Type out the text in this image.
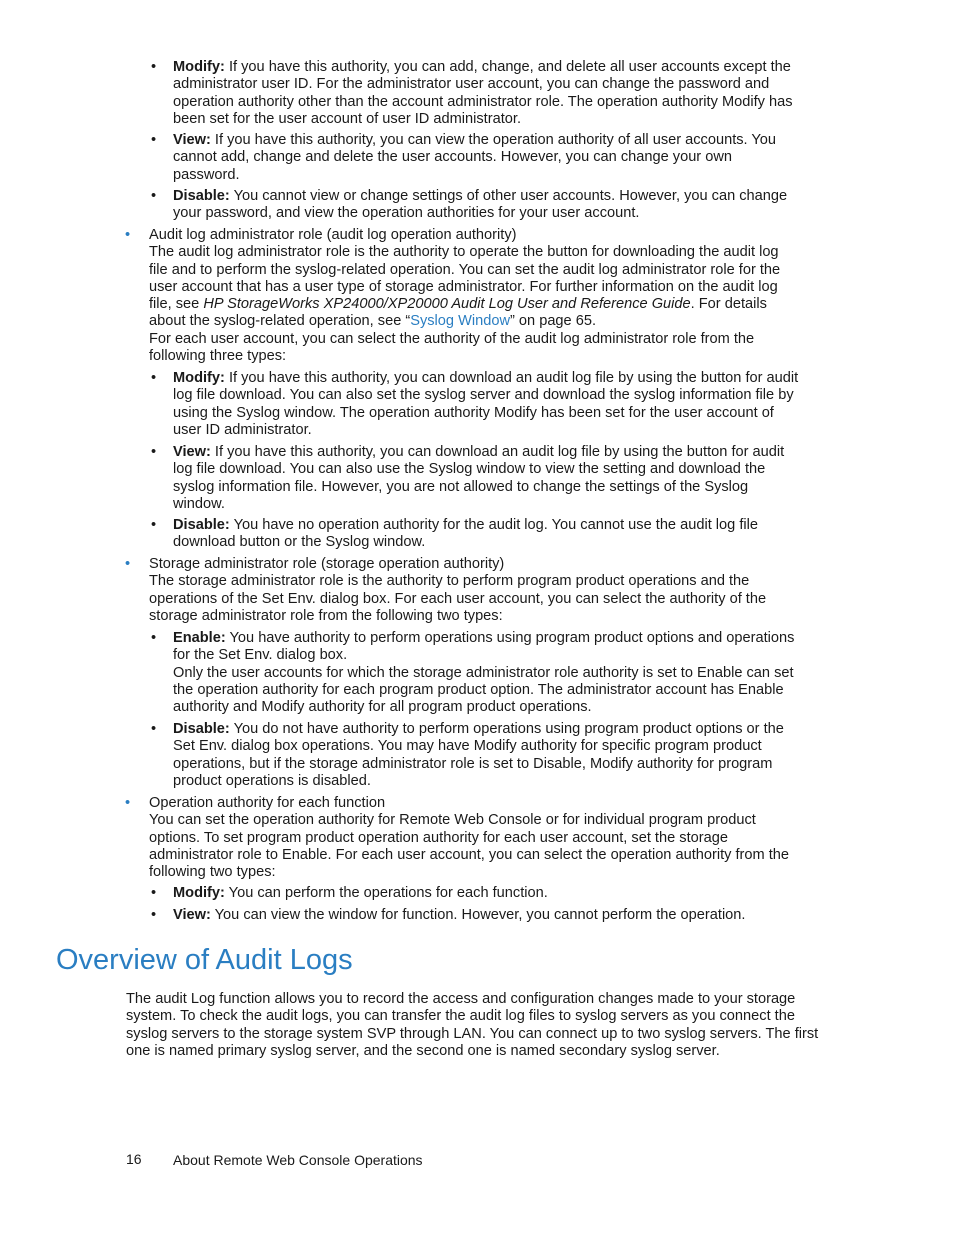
• Modify: If you have this authority, you can add, change, and delete all user accounts except the administrator user ID. For the administrator user account, you can change the password and operation authority other than the account administrator role. The operation authority Modify has been set for the user account of user ID administrator.
• View: If you have this authority, you can view the operation authority of all user accounts. You cannot add, change and delete the user accounts. However, you can change your own password.
• Disable: You cannot view or change settings of other user accounts. However, you can change your password, and view the operation authorities for your user account.
• Audit log administrator role (audit log operation authority)
The audit log administrator role is the authority to operate the button for downloading the audit log file and to perform the syslog-related operation. You can set the audit log administrator role for the user account that has a user type of storage administrator. For further information on the audit log file, see HP StorageWorks XP24000/XP20000 Audit Log User and Reference Guide. For details about the syslog-related operation, see “Syslog Window” on page 65.
For each user account, you can select the authority of the audit log administrator role from the following three types:
• Modify: If you have this authority, you can download an audit log file by using the button for audit log file download. You can also set the syslog server and download the syslog information file by using the Syslog window. The operation authority Modify has been set for the user account of user ID administrator.
• View: If you have this authority, you can download an audit log file by using the button for audit log file download. You can also use the Syslog window to view the setting and download the syslog information file. However, you are not allowed to change the settings of the Syslog window.
• Disable: You have no operation authority for the audit log. You cannot use the audit log file download button or the Syslog window.
• Storage administrator role (storage operation authority)
The storage administrator role is the authority to perform program product operations and the operations of the Set Env. dialog box. For each user account, you can select the authority of the storage administrator role from the following two types:
• Enable: You have authority to perform operations using program product options and operations for the Set Env. dialog box.
Only the user accounts for which the storage administrator role authority is set to Enable can set the operation authority for each program product option. The administrator account has Enable authority and Modify authority for all program product operations.
• Disable: You do not have authority to perform operations using program product options or the Set Env. dialog box operations. You may have Modify authority for specific program product operations, but if the storage administrator role is set to Disable, Modify authority for program product operations is disabled.
• Operation authority for each function
You can set the operation authority for Remote Web Console or for individual program product options. To set program product operation authority for each user account, set the storage administrator role to Enable. For each user account, you can select the operation authority from the following two types:
• Modify: You can perform the operations for each function.
• View: You can view the window for function. However, you cannot perform the operation.
Overview of Audit Logs
The audit Log function allows you to record the access and configuration changes made to your storage system. To check the audit logs, you can transfer the audit log files to syslog servers as you connect the syslog servers to the storage system SVP through LAN. You can connect up to two syslog servers. The first one is named primary syslog server, and the second one is named secondary syslog server.
16 About Remote Web Console Operations
